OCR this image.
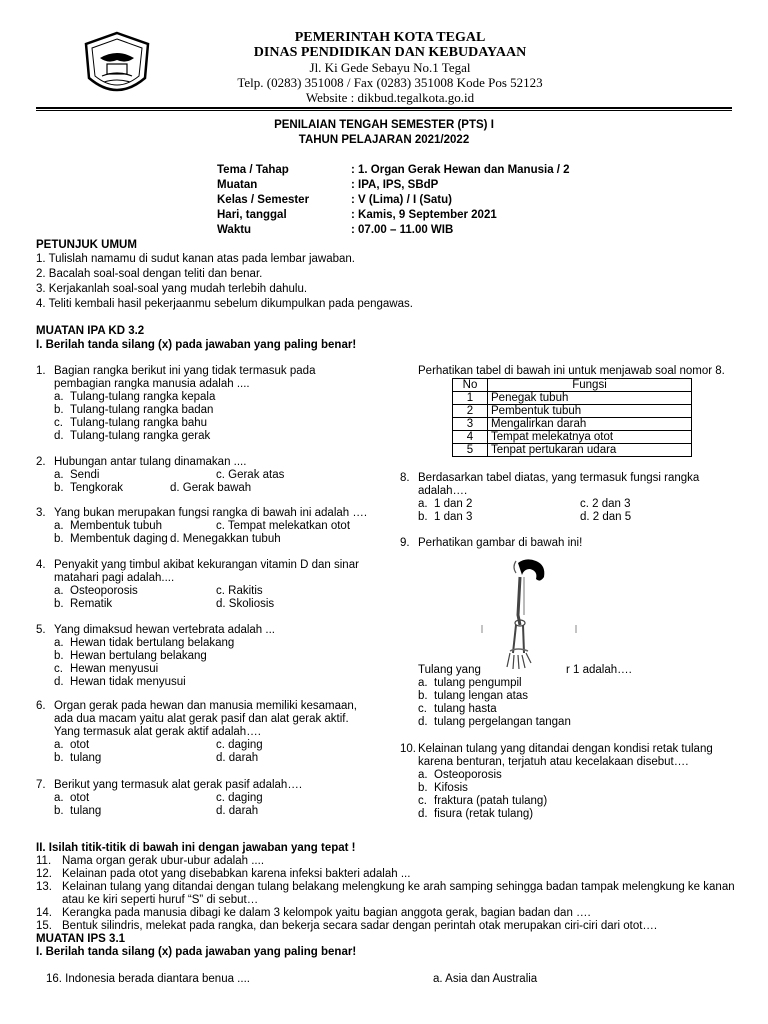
PEMERINTAH KOTA TEGAL
DINAS PENDIDIKAN DAN KEBUDAYAAN
Jl. Ki Gede Sebayu No.1 Tegal
Telp. (0283) 351008 / Fax (0283) 351008 Kode Pos 52123
Website : dikbud.tegalkota.go.id
PENILAIAN TENGAH SEMESTER (PTS) I
TAHUN PELAJARAN 2021/2022
Tema / Tahap	: 1. Organ Gerak Hewan dan Manusia / 2
Muatan	: IPA, IPS, SBdP
Kelas / Semester	: V (Lima) / I (Satu)
Hari, tanggal	: Kamis, 9 September 2021
Waktu	: 07.00 – 11.00 WIB
PETUNJUK UMUM
1. Tulislah namamu di sudut kanan atas pada lembar jawaban.
2. Bacalah soal-soal dengan teliti dan benar.
3. Kerjakanlah soal-soal yang mudah terlebih dahulu.
4. Teliti kembali hasil pekerjaanmu sebelum dikumpulkan pada pengawas.
MUATAN IPA KD 3.2
I. Berilah tanda silang (x) pada jawaban yang paling benar!
1. Bagian rangka berikut ini yang tidak termasuk pada
pembagian rangka manusia adalah ....
a. Tulang-tulang rangka kepala
b. Tulang-tulang rangka badan
c. Tulang-tulang rangka bahu
d. Tulang-tulang rangka gerak
2. Hubungan antar tulang dinamakan ....
a. Sendi	c. Gerak atas
b. Tengkorak	d. Gerak bawah
3. Yang bukan merupakan fungsi rangka di bawah ini adalah ….
a. Membentuk tubuh	c. Tempat melekatkan otot
b. Membentuk daging d. Menegakkan tubuh
4. Penyakit yang timbul akibat kekurangan vitamin D dan sinar
matahari pagi adalah....
a. Osteoporosis	c. Rakitis
b. Rematik	d. Skoliosis
5. Yang dimaksud hewan vertebrata adalah ...
a. Hewan tidak bertulang belakang
b. Hewan bertulang belakang
c. Hewan menyusui
d. Hewan tidak menyusui
6. Organ gerak pada hewan dan manusia memiliki kesamaan,
ada dua macam yaitu alat gerak pasif dan alat gerak aktif.
Yang termasuk alat gerak aktif adalah….
a. otot	c. daging
b. tulang	d. darah
7. Berikut yang termasuk alat gerak pasif adalah….
a. otot	c. daging
b. tulang	d. darah
Perhatikan tabel di bawah ini untuk menjawab soal nomor 8.
No	Fungsi
1	Penegak tubuh
2	Pembentuk tubuh
3	Mengalirkan darah
4	Tempat melekatnya otot
5	Tenpat pertukaran udara
8. Berdasarkan tabel diatas, yang termasuk fungsi rangka
adalah….
a. 1 dan 2	c. 2 dan 3
b. 1 dan 3	d. 2 dan 5
9. Perhatikan gambar di bawah ini!
Tulang yang	r 1 adalah….
a. tulang pengumpil
b. tulang lengan atas
c. tulang hasta
d. tulang pergelangan tangan
10. Kelainan tulang yang ditandai dengan kondisi retak tulang
karena benturan, terjatuh atau kecelakaan disebut….
a. Osteoporosis
b. Kifosis
c. fraktura (patah tulang)
d. fisura (retak tulang)
II. Isilah titik-titik di bawah ini dengan jawaban yang tepat !
11. Nama organ gerak ubur-ubur adalah ....
12. Kelainan pada otot yang disebabkan karena infeksi bakteri adalah ...
13. Kelainan tulang yang ditandai dengan tulang belakang melengkung ke arah samping sehingga badan tampak melengkung ke kanan
atau ke kiri seperti huruf “S” di sebut…
14. Kerangka pada manusia dibagi ke dalam 3 kelompok yaitu bagian anggota gerak, bagian badan dan ….
15. Bentuk silindris, melekat pada rangka, dan bekerja secara sadar dengan perintah otak merupakan ciri-ciri dari otot….
MUATAN IPS 3.1
I. Berilah tanda silang (x) pada jawaban yang paling benar!
16. Indonesia berada diantara benua ....	a. Asia dan Australia
